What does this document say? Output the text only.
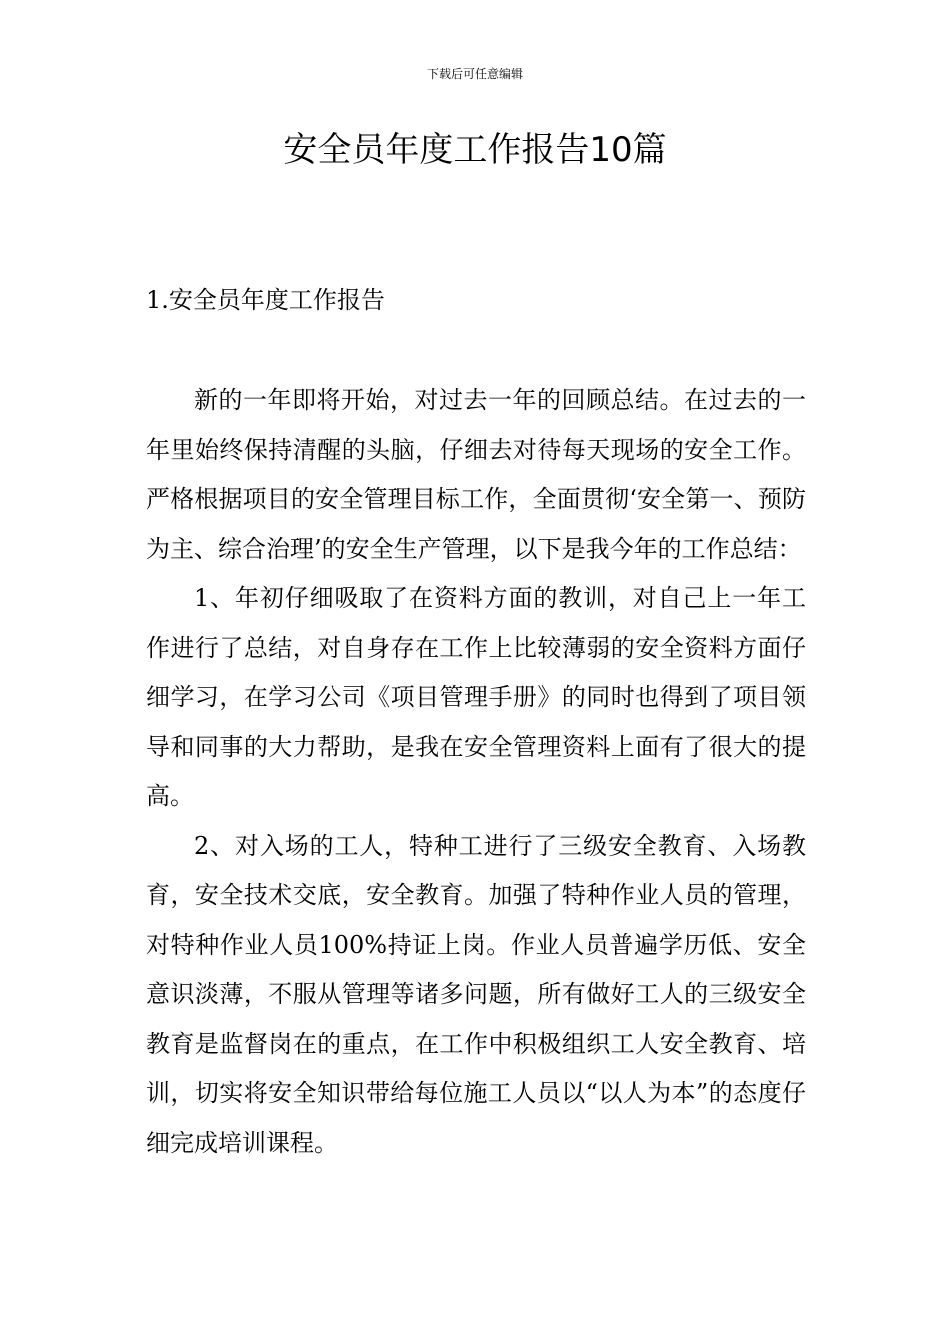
下载后可任意编辑
安全员年度工作报告10篇
1.安全员年度工作报告

新的一年即将开始，对过去一年的回顾总结。在过去的一年里始终保持清醒的头脑，仔细去对待每天现场的安全工作。严格根据项目的安全管理目标工作，全面贯彻‘安全第一、预防为主、综合治理’的安全生产管理，以下是我今年的工作总结：

1、年初仔细吸取了在资料方面的教训，对自己上一年工作进行了总结，对自身存在工作上比较薄弱的安全资料方面仔细学习，在学习公司《项目管理手册》的同时也得到了项目领导和同事的大力帮助，是我在安全管理资料上面有了很大的提高。

2、对入场的工人，特种工进行了三级安全教育、入场教育，安全技术交底，安全教育。加强了特种作业人员的管理，对特种作业人员100%持证上岗。作业人员普遍学历低、安全意识淡薄，不服从管理等诸多问题，所有做好工人的三级安全教育是监督岗在的重点，在工作中积极组织工人安全教育、培训，切实将安全知识带给每位施工人员以“以人为本”的态度仔细完成培训课程。
